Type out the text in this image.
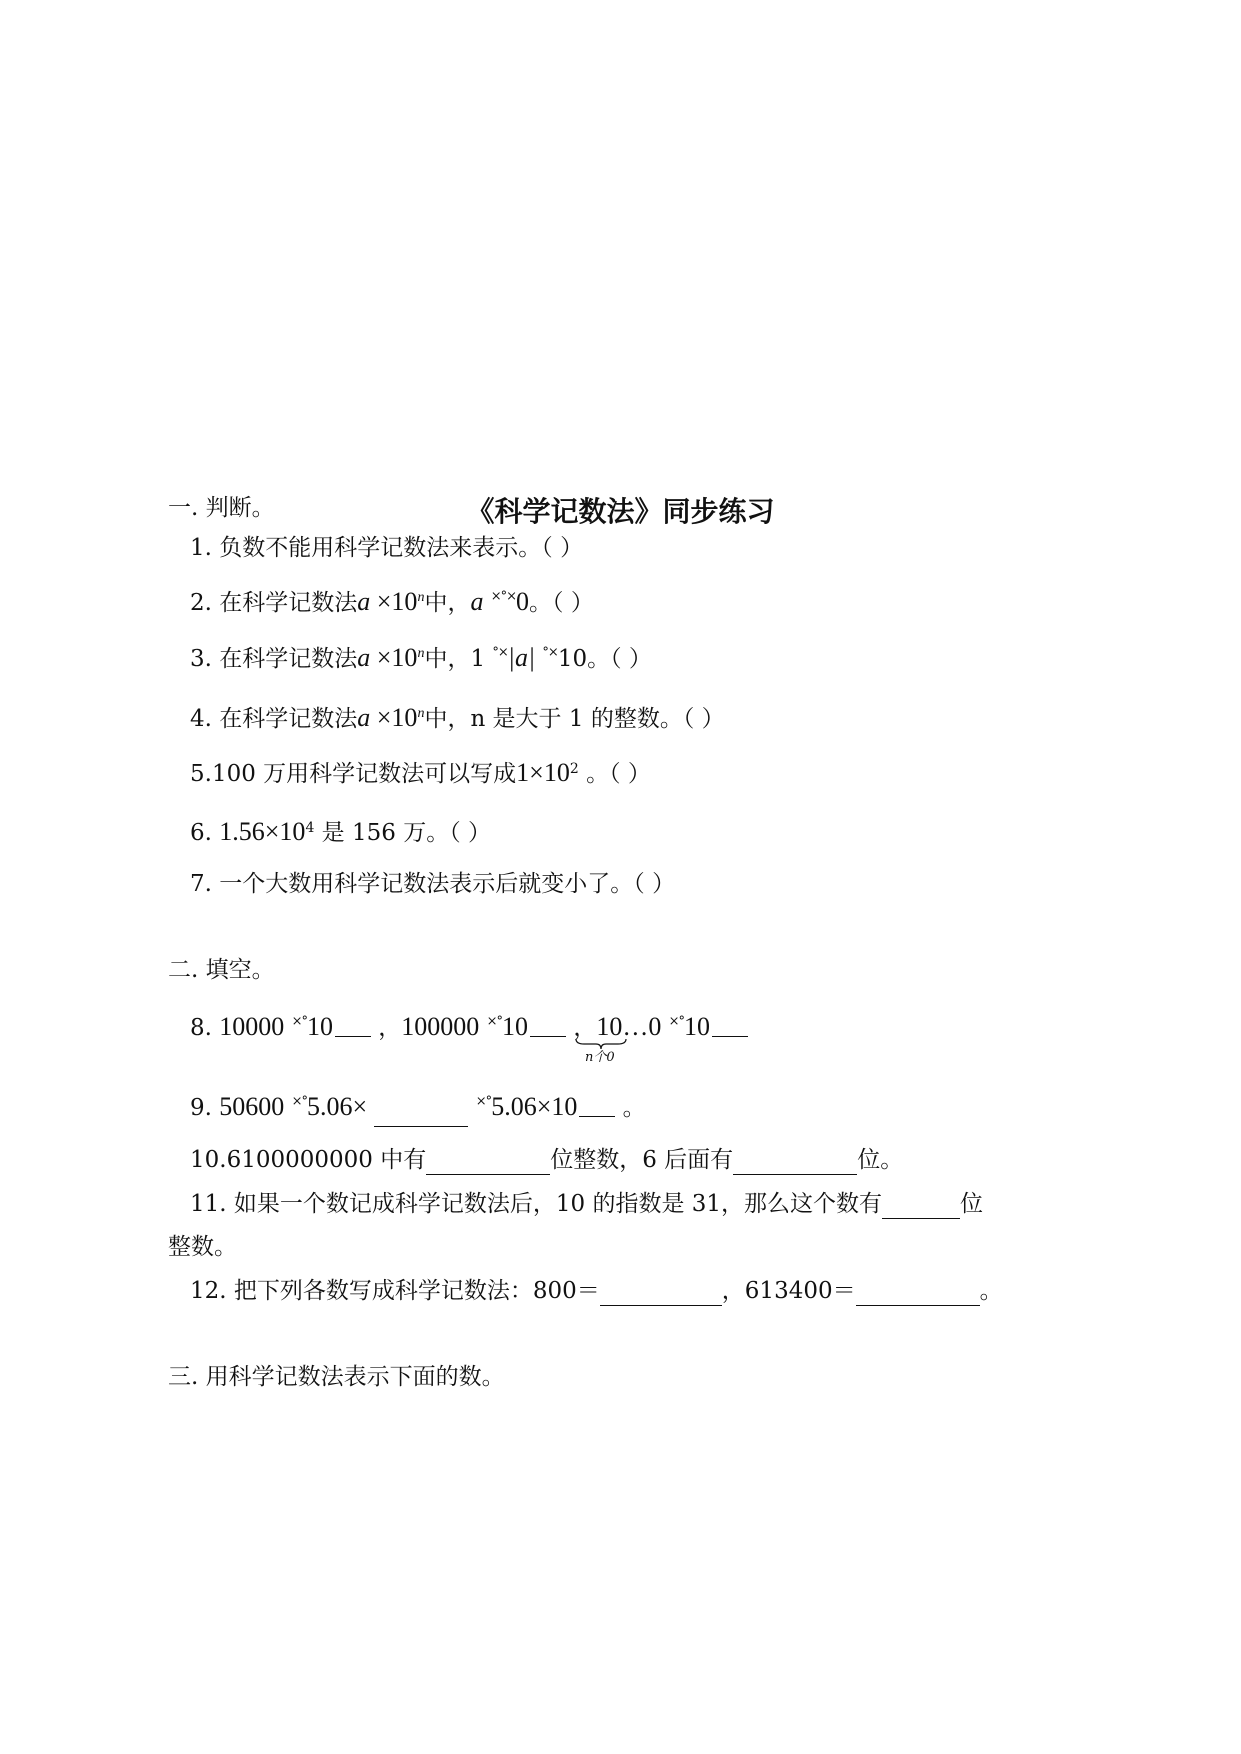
《科学记数法》同步练习
一. 判断。
1. 负数不能用科学记数法来表示。（ ）
2. 在科学记数法$a \times 10^n$中，a ×°×0。（ ）
3. 在科学记数法$a \times 10^n$中，1 °×|a| °×10。（ ）
4. 在科学记数法$a \times 10^n$中，n 是大于 1 的整数。（ ）
5.100 万用科学记数法可以写成$1\times 10^2$ 。（ ）
6. $1.56\times 10^4$ 是 156 万。（ ）
7. 一个大数用科学记数法表示后就变小了。（ ）
二. 填空。
8. 10000 ×°10 ，100000 ×°10 ，10…0 ×°10
n个0
9. 50600 ×°5.06×	×°5.06×10 。
10.6100000000 中有	位整数，6 后面有	位。
11. 如果一个数记成科学记数法后，10 的指数是 31，那么这个数有	位
整数。
12. 把下列各数写成科学记数法：800＝	，613400＝	。
三. 用科学记数法表示下面的数。
